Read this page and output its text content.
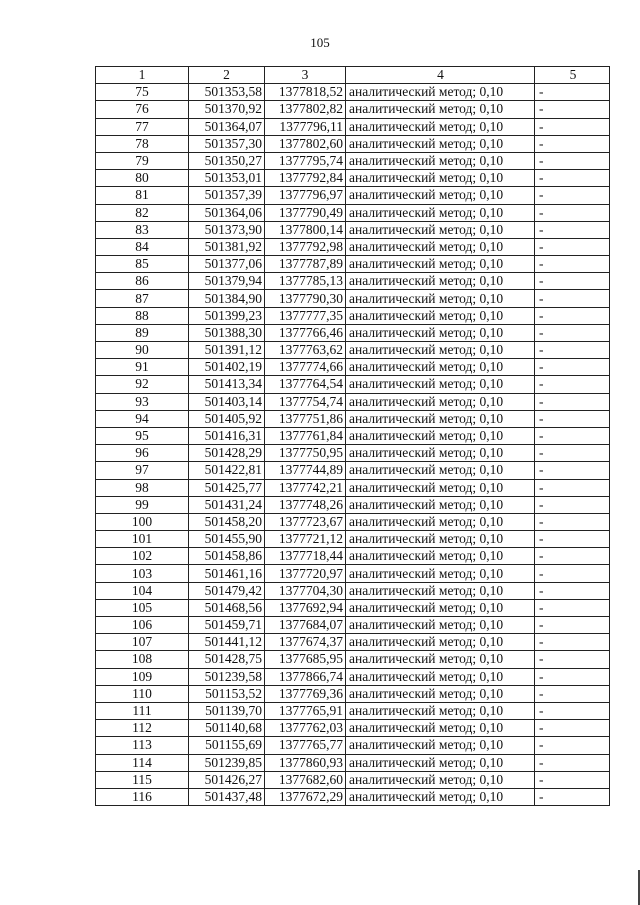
105
1	2	3	4	5
75	501353,58	1377818,52	аналитический метод; 0,10	-
76	501370,92	1377802,82	аналитический метод; 0,10	-
77	501364,07	1377796,11	аналитический метод; 0,10	-
78	501357,30	1377802,60	аналитический метод; 0,10	-
79	501350,27	1377795,74	аналитический метод; 0,10	-
80	501353,01	1377792,84	аналитический метод; 0,10	-
81	501357,39	1377796,97	аналитический метод; 0,10	-
82	501364,06	1377790,49	аналитический метод; 0,10	-
83	501373,90	1377800,14	аналитический метод; 0,10	-
84	501381,92	1377792,98	аналитический метод; 0,10	-
85	501377,06	1377787,89	аналитический метод; 0,10	-
86	501379,94	1377785,13	аналитический метод; 0,10	-
87	501384,90	1377790,30	аналитический метод; 0,10	-
88	501399,23	1377777,35	аналитический метод; 0,10	-
89	501388,30	1377766,46	аналитический метод; 0,10	-
90	501391,12	1377763,62	аналитический метод; 0,10	-
91	501402,19	1377774,66	аналитический метод; 0,10	-
92	501413,34	1377764,54	аналитический метод; 0,10	-
93	501403,14	1377754,74	аналитический метод; 0,10	-
94	501405,92	1377751,86	аналитический метод; 0,10	-
95	501416,31	1377761,84	аналитический метод; 0,10	-
96	501428,29	1377750,95	аналитический метод; 0,10	-
97	501422,81	1377744,89	аналитический метод; 0,10	-
98	501425,77	1377742,21	аналитический метод; 0,10	-
99	501431,24	1377748,26	аналитический метод; 0,10	-
100	501458,20	1377723,67	аналитический метод; 0,10	-
101	501455,90	1377721,12	аналитический метод; 0,10	-
102	501458,86	1377718,44	аналитический метод; 0,10	-
103	501461,16	1377720,97	аналитический метод; 0,10	-
104	501479,42	1377704,30	аналитический метод; 0,10	-
105	501468,56	1377692,94	аналитический метод; 0,10	-
106	501459,71	1377684,07	аналитический метод; 0,10	-
107	501441,12	1377674,37	аналитический метод; 0,10	-
108	501428,75	1377685,95	аналитический метод; 0,10	-
109	501239,58	1377866,74	аналитический метод; 0,10	-
110	501153,52	1377769,36	аналитический метод; 0,10	-
111	501139,70	1377765,91	аналитический метод; 0,10	-
112	501140,68	1377762,03	аналитический метод; 0,10	-
113	501155,69	1377765,77	аналитический метод; 0,10	-
114	501239,85	1377860,93	аналитический метод; 0,10	-
115	501426,27	1377682,60	аналитический метод; 0,10	-
116	501437,48	1377672,29	аналитический метод; 0,10	-
